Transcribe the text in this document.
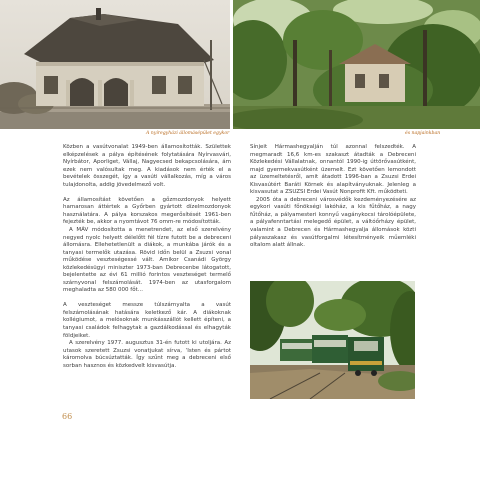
A nyíregyházi állomásépület egykor	és napjainkban

Közben a vasútvonalat 1949-ben államosították. Születtek elképzelések a pálya építésének folytatására Nyírvasvári, Nyírbátor, Aporliget, Vállaj, Nagyecsed bekapcsolására, ám ezek nem valósultak meg. A kiadások nem érték el a bevételek összegét, így a vasúti vállalkozás, míg a város tulajdonolta, addig jövedelmező volt.

Az államosítást követően a gőzmozdonyok helyett hamarosan áttértek a Győrben gyártott dízelmozdonyok használatára. A pálya korszakos megerősítését 1961-ben fejezték be, akkor a nyomtávot 76 omm-re módosították.

A MÁV módosította a menetrendet, az első szerelvény negyed nyolc helyett délelőtt fél tízre futott be a debreceni állomásra. Ellehetetlenült a diákok, a munkába járók és a tanyasi termelők utazása. Rövid időn belül a Zsuzsi vonal működése veszteségessé vált. Amikor Csanádi György közlekedésügyi miniszter 1973-ban Debrecenbe látogatott, bejelentette az évi 61 millió forintos veszteséget termelő szárnyvonal felszámolását. 1974-ben az utasforgalom meghaladta az 580 000 főt...

A veszteséget messze túlszárnyalta a vasút felszámolásának hatására keletkező kár. A diákoknak kollégiumot, a melósoknak munkásszállót kellett építeni, a tanyasi családok felhagytak a gazdálkodással és elhagyták földjeiket.

A szerelvény 1977. augusztus 31-én futott ki utoljára. Az utasok szeretett Zsuzsi vonatjukat sírva, ‘Isten és pártot káromolva búcsúztatták. Így szűnt meg a debreceni első sorban hasznos és közkedvelt kisvasútja.

Sínjeit Hármashegyalján túl azonnal felszedték. A megmaradt 16,6 km-es szakaszt átadták a Debreceni Közlekedési Vállalatnak, onnantól 1990-ig úttörővasútként, majd gyermekvasútként üzemelt. Ezt követően lemondott az üzemeltetésről, amit átadott 1996-ban a Zsuzsi Erdei Kisvasútért Baráti Körnek és alapítványuknak. Jelenleg a kisvasutat a ZSUZSI Erdei Vasút Nonprofit Kft. működteti.

2005 óta a debreceni városvédők kezdeményezésére az egykori vasúti főnökségi lakóház, a kis fűtőház, a nagy fűtőház, a pályamesteri konnyű vagánykocsi tárolóépülete, a pályafenntartási melegedő épület, a váltóőrházy épület, valamint a Debrecen és Hármashegyalja állomások közti pályaszakasz és vasútforgalmi létesítményeik műemléki oltalom alatt állnak.

66
